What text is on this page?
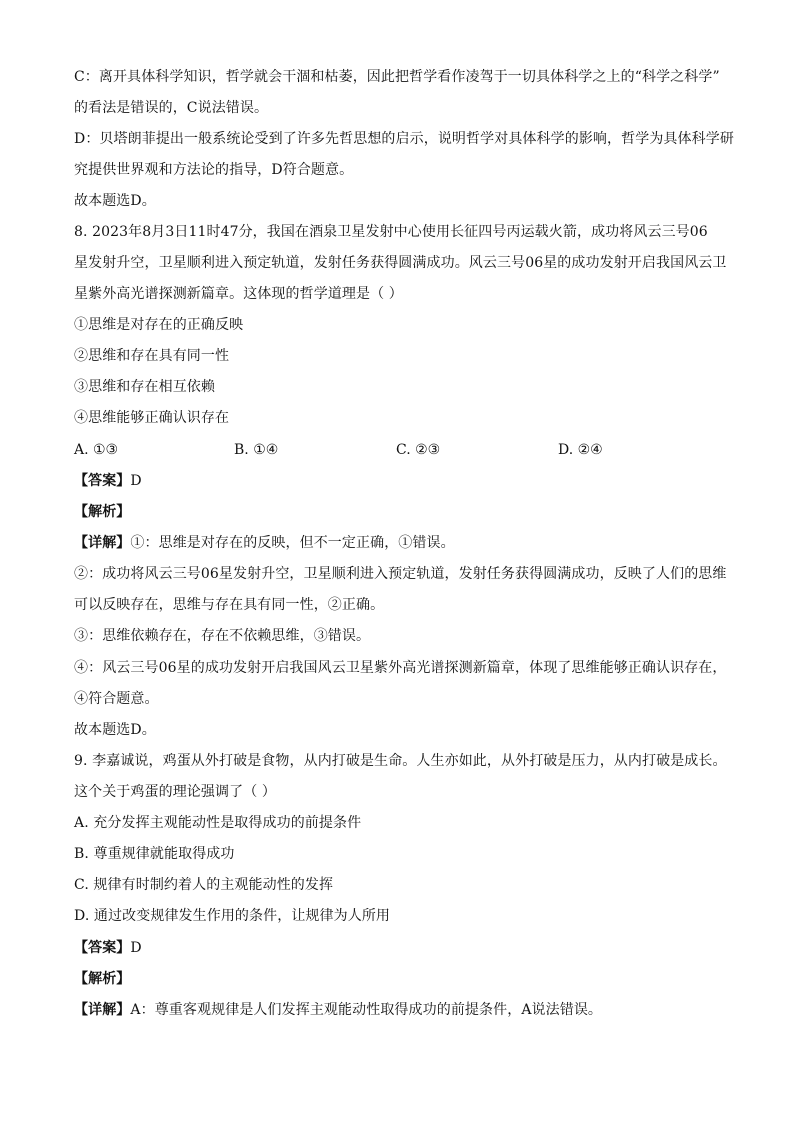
C：离开具体科学知识，哲学就会干涸和枯萎，因此把哲学看作凌驾于一切具体科学之上的“科学之科学”
的看法是错误的，C说法错误。
D：贝塔朗菲提出一般系统论受到了许多先哲思想的启示，说明哲学对具体科学的影响，哲学为具体科学研
究提供世界观和方法论的指导，D符合题意。
故本题选D。
8. 2023年8月3日11时47分，我国在酒泉卫星发射中心使用长征四号丙运载火箭，成功将风云三号06
星发射升空，卫星顺利进入预定轨道，发射任务获得圆满成功。风云三号06星的成功发射开启我国风云卫
星紫外高光谱探测新篇章。这体现的哲学道理是（ ）
①思维是对存在的正确反映
②思维和存在具有同一性
③思维和存在相互依赖
④思维能够正确认识存在
A. ①③	B. ①④	C. ②③	D. ②④
【答案】D
【解析】
【详解】①：思维是对存在的反映，但不一定正确，①错误。
②：成功将风云三号06星发射升空，卫星顺利进入预定轨道，发射任务获得圆满成功，反映了人们的思维
可以反映存在，思维与存在具有同一性，②正确。
③：思维依赖存在，存在不依赖思维，③错误。
④：风云三号06星的成功发射开启我国风云卫星紫外高光谱探测新篇章，体现了思维能够正确认识存在，
④符合题意。
故本题选D。
9. 李嘉诚说，鸡蛋从外打破是食物，从内打破是生命。人生亦如此，从外打破是压力，从内打破是成长。
这个关于鸡蛋的理论强调了（ ）
A. 充分发挥主观能动性是取得成功的前提条件
B. 尊重规律就能取得成功
C. 规律有时制约着人的主观能动性的发挥
D. 通过改变规律发生作用的条件，让规律为人所用
【答案】D
【解析】
【详解】A：尊重客观规律是人们发挥主观能动性取得成功的前提条件，A说法错误。
